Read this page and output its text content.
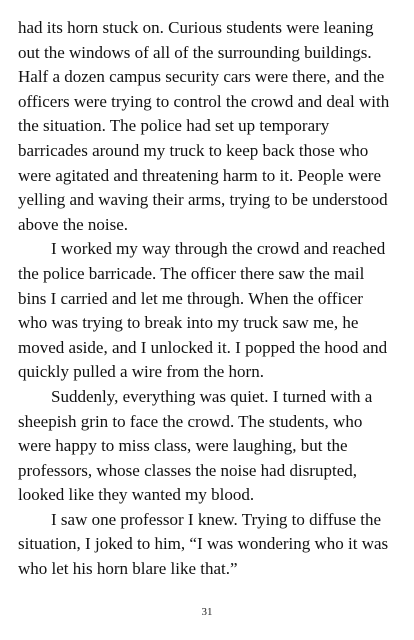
had its horn stuck on. Curious students were leaning
out the windows of all of the surrounding buildings.
Half a dozen campus security cars were there, and the
officers were trying to control the crowd and deal with
the situation. The police had set up temporary
barricades around my truck to keep back those who
were agitated and threatening harm to it. People were
yelling and waving their arms, trying to be understood
above the noise.
I worked my way through the crowd and reached
the police barricade. The officer there saw the mail
bins I carried and let me through. When the officer
who was trying to break into my truck saw me, he
moved aside, and I unlocked it. I popped the hood and
quickly pulled a wire from the horn.
Suddenly, everything was quiet. I turned with a
sheepish grin to face the crowd. The students, who
were happy to miss class, were laughing, but the
professors, whose classes the noise had disrupted,
looked like they wanted my blood.
I saw one professor I knew. Trying to diffuse the
situation, I joked to him, “I was wondering who it was
who let his horn blare like that.”
31
